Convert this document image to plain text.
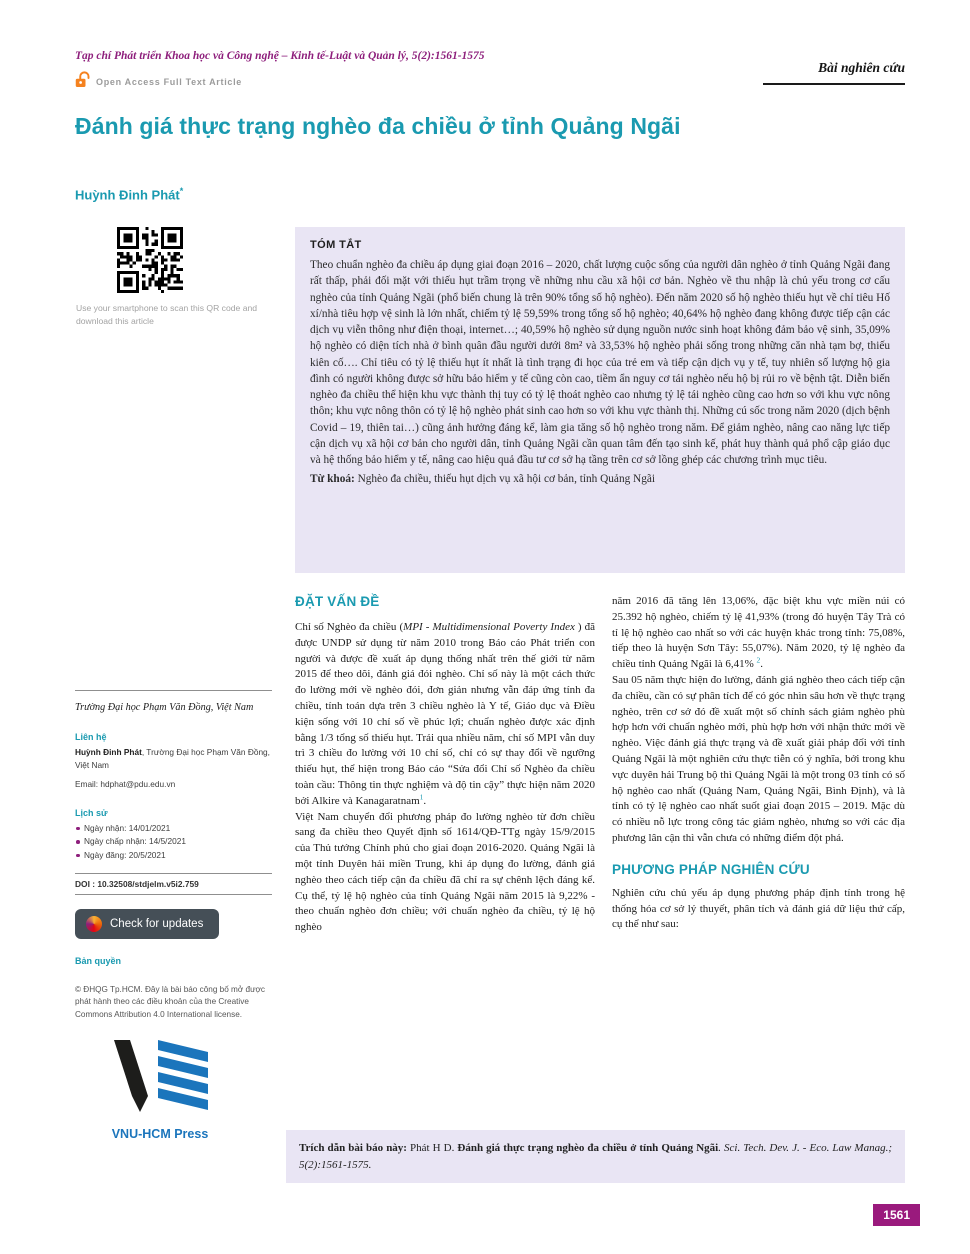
Tạp chí Phát triển Khoa học và Công nghệ – Kinh tế-Luật và Quản lý, 5(2):1561-1575
Open Access Full Text Article
Bài nghiên cứu
Đánh giá thực trạng nghèo đa chiều ở tỉnh Quảng Ngãi
Huỳnh Đinh Phát*
Use your smartphone to scan this QR code and download this article
TÓM TẮT

Theo chuẩn nghèo đa chiều áp dụng giai đoạn 2016 – 2020, chất lượng cuộc sống của người dân nghèo ở tỉnh Quảng Ngãi đang rất thấp, phải đối mặt với thiếu hụt trầm trọng về những nhu cầu xã hội cơ bản. Nghèo về thu nhập là chủ yếu trong cơ cấu nghèo của tỉnh Quảng Ngãi (phổ biến chung là trên 90% tổng số hộ nghèo). Đến năm 2020 số hộ nghèo thiếu hụt về chỉ tiêu Hố xí/nhà tiêu hợp vệ sinh là lớn nhất, chiếm tỷ lệ 59,59% trong tổng số hộ nghèo; 40,64% hộ nghèo đang không được tiếp cận các dịch vụ viễn thông như điện thoại, internet…; 40,59% hộ nghèo sử dụng nguồn nước sinh hoạt không đảm bảo vệ sinh, 35,09% hộ nghèo có diện tích nhà ở bình quân đầu người dưới 8m² và 33,53% hộ nghèo phải sống trong những căn nhà tạm bợ, thiếu kiên cố…. Chỉ tiêu có tỷ lệ thiếu hụt ít nhất là tình trạng đi học của trẻ em và tiếp cận dịch vụ y tế, tuy nhiên số lượng hộ gia đình có người không được sở hữu bảo hiểm y tế cũng còn cao, tiềm ẩn nguy cơ tái nghèo nếu hộ bị rủi ro về bệnh tật. Diễn biến nghèo đa chiều thể hiện khu vực thành thị tuy có tỷ lệ thoát nghèo cao nhưng tỷ lệ tái nghèo cũng cao hơn so với khu vực nông thôn; khu vực nông thôn có tỷ lệ hộ nghèo phát sinh cao hơn so với khu vực thành thị. Những cú sốc trong năm 2020 (dịch bệnh Covid – 19, thiên tai…) cũng ảnh hưởng đáng kể, làm gia tăng số hộ nghèo trong năm. Để giảm nghèo, nâng cao năng lực tiếp cận dịch vụ xã hội cơ bản cho người dân, tỉnh Quảng Ngãi cần quan tâm đến tạo sinh kế, phát huy thành quả phổ cập giáo dục và hệ thống bảo hiểm y tế, nâng cao hiệu quả đầu tư cơ sở hạ tầng trên cơ sở lồng ghép các chương trình mục tiêu.

Từ khoá: Nghèo đa chiều, thiếu hụt dịch vụ xã hội cơ bản, tỉnh Quảng Ngãi

Trường Đại học Phạm Văn Đồng, Việt Nam
Liên hệ
Huỳnh Đinh Phát, Trường Đại học Phạm Văn Đồng, Việt Nam
Email: hdphat@pdu.edu.vn
Lịch sử
Ngày nhận: 14/01/2021
Ngày chấp nhận: 14/5/2021
Ngày đăng: 20/5/2021
DOI : 10.32508/stdjelm.v5i2.759
Check for updates
Bản quyền
© ĐHQG Tp.HCM. Đây là bài báo công bố mở được phát hành theo các điều khoản của the Creative Commons Attribution 4.0 International license.
VNU-HCM Press
ĐẶT VẤN ĐỀ

Chỉ số Nghèo đa chiều (MPI - Multidimensional Poverty Index ) đã được UNDP sử dụng từ năm 2010 trong Báo cáo Phát triển con người và được đề xuất áp dụng thống nhất trên thế giới từ năm 2015 để theo dõi, đánh giá đói nghèo. Chỉ số này là một cách thức đo lường mới về nghèo đói, đơn giản nhưng vẫn đáp ứng tính đa chiều, tính toán dựa trên 3 chiều nghèo là Y tế, Giáo dục và Điều kiện sống với 10 chỉ số về phúc lợi; chuẩn nghèo được xác định bằng 1/3 tổng số thiếu hụt. Trải qua nhiều năm, chỉ số MPI vẫn duy trì 3 chiều đo lường với 10 chỉ số, chỉ có sự thay đổi về ngưỡng thiếu hụt, thể hiện trong Báo cáo “Sửa đổi Chỉ số Nghèo đa chiều toàn cầu: Thông tin thực nghiệm và độ tin cậy” thực hiện năm 2020 bởi Alkire và Kanagaratnam$^1$.

Việt Nam chuyển đổi phương pháp đo lường nghèo từ đơn chiều sang đa chiều theo Quyết định số 1614/QĐ-TTg ngày 15/9/2015 của Thủ tướng Chính phủ cho giai đoạn 2016-2020. Quảng Ngãi là một tỉnh Duyên hải miền Trung, khi áp dụng đo lường, đánh giá nghèo theo cách tiếp cận đa chiều đã chỉ ra sự chênh lệch đáng kể. Cụ thể, tỷ lệ hộ nghèo của tỉnh Quảng Ngãi năm 2015 là 9,22% - theo chuẩn nghèo đơn chiều; với chuẩn nghèo đa chiều, tỷ lệ hộ nghèo

năm 2016 đã tăng lên 13,06%, đặc biệt khu vực miền núi có 25.392 hộ nghèo, chiếm tỷ lệ 41,93% (trong đó huyện Tây Trà có tỉ lệ hộ nghèo cao nhất so với các huyện khác trong tỉnh: 75,08%, tiếp theo là huyện Sơn Tây: 55,07%). Năm 2020, tỷ lệ nghèo đa chiều tỉnh Quảng Ngãi là 6,41% $^2$.

Sau 05 năm thực hiện đo lường, đánh giá nghèo theo cách tiếp cận đa chiều, cần có sự phân tích để có góc nhìn sâu hơn về thực trạng nghèo, trên cơ sở đó đề xuất một số chính sách giảm nghèo phù hợp hơn với chuẩn nghèo mới, phù hợp hơn với nhận thức mới về nghèo. Việc đánh giá thực trạng và đề xuất giải pháp đối với tỉnh Quảng Ngãi là một nghiên cứu thực tiễn có ý nghĩa, bởi trong khu vực duyên hải Trung bộ thì Quảng Ngãi là một trong 03 tỉnh có số hộ nghèo cao nhất (Quảng Nam, Quảng Ngãi, Bình Định), và là tỉnh có tỷ lệ nghèo cao nhất suốt giai đoạn 2015 – 2019. Mặc dù có nhiều nỗ lực trong công tác giảm nghèo, nhưng so với các địa phương lân cận thì vẫn chưa có những điểm đột phá.

PHƯƠNG PHÁP NGHIÊN CỨU

Nghiên cứu chủ yếu áp dụng phương pháp định tính trong hệ thống hóa cơ sở lý thuyết, phân tích và đánh giá dữ liệu thứ cấp, cụ thể như sau:

Trích dẫn bài báo này: Phát H D. Đánh giá thực trạng nghèo đa chiều ở tỉnh Quảng Ngãi. Sci. Tech. Dev. J. - Eco. Law Manag.; 5(2):1561-1575.
1561
